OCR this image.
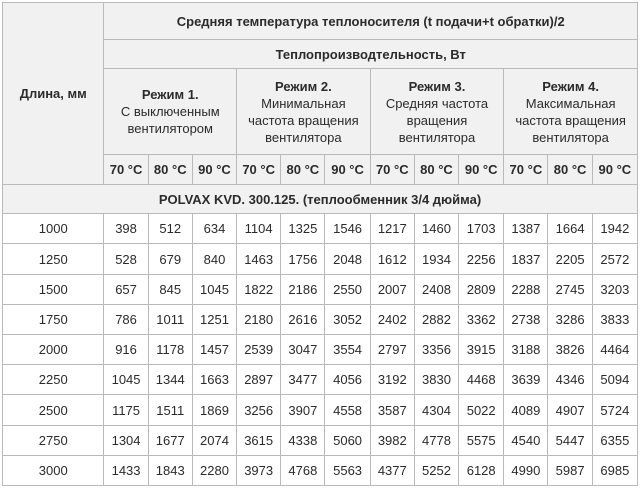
Длина, мм	Средняя температура теплоносителя (t подачи+t обратки)/2											
	Теплопроизводтельность, Вт											

	Режим 1.
С выключенным
вентилятором			Режим 2.
Минимальная
частота вращения
вентилятора			Режим 3.
Средняя частота
вращения
вентилятора			Режим 4.
Максимальная
частота вращения
вентилятора		

	70 °C	80 °C	90 °C	70 °C	80 °C	90 °C	70 °C	80 °C	90 °C	70 °C	80 °C	90 °C
POLVAX KVD. 300.125. (теплообменник 3/4 дюйма)												
1000	398	512	634	1104	1325	1546	1217	1460	1703	1387	1664	1942
1250	528	679	840	1463	1756	2048	1612	1934	2256	1837	2205	2572
1500	657	845	1045	1822	2186	2550	2007	2408	2809	2288	2745	3203
1750	786	1011	1251	2180	2616	3052	2402	2882	3362	2738	3286	3833
2000	916	1178	1457	2539	3047	3554	2797	3356	3915	3188	3826	4464
2250	1045	1344	1663	2897	3477	4056	3192	3830	4468	3639	4346	5094
2500	1175	1511	1869	3256	3907	4558	3587	4304	5022	4089	4907	5724
2750	1304	1677	2074	3615	4338	5060	3982	4778	5575	4540	5447	6355
3000	1433	1843	2280	3973	4768	5563	4377	5252	6128	4990	5987	6985
